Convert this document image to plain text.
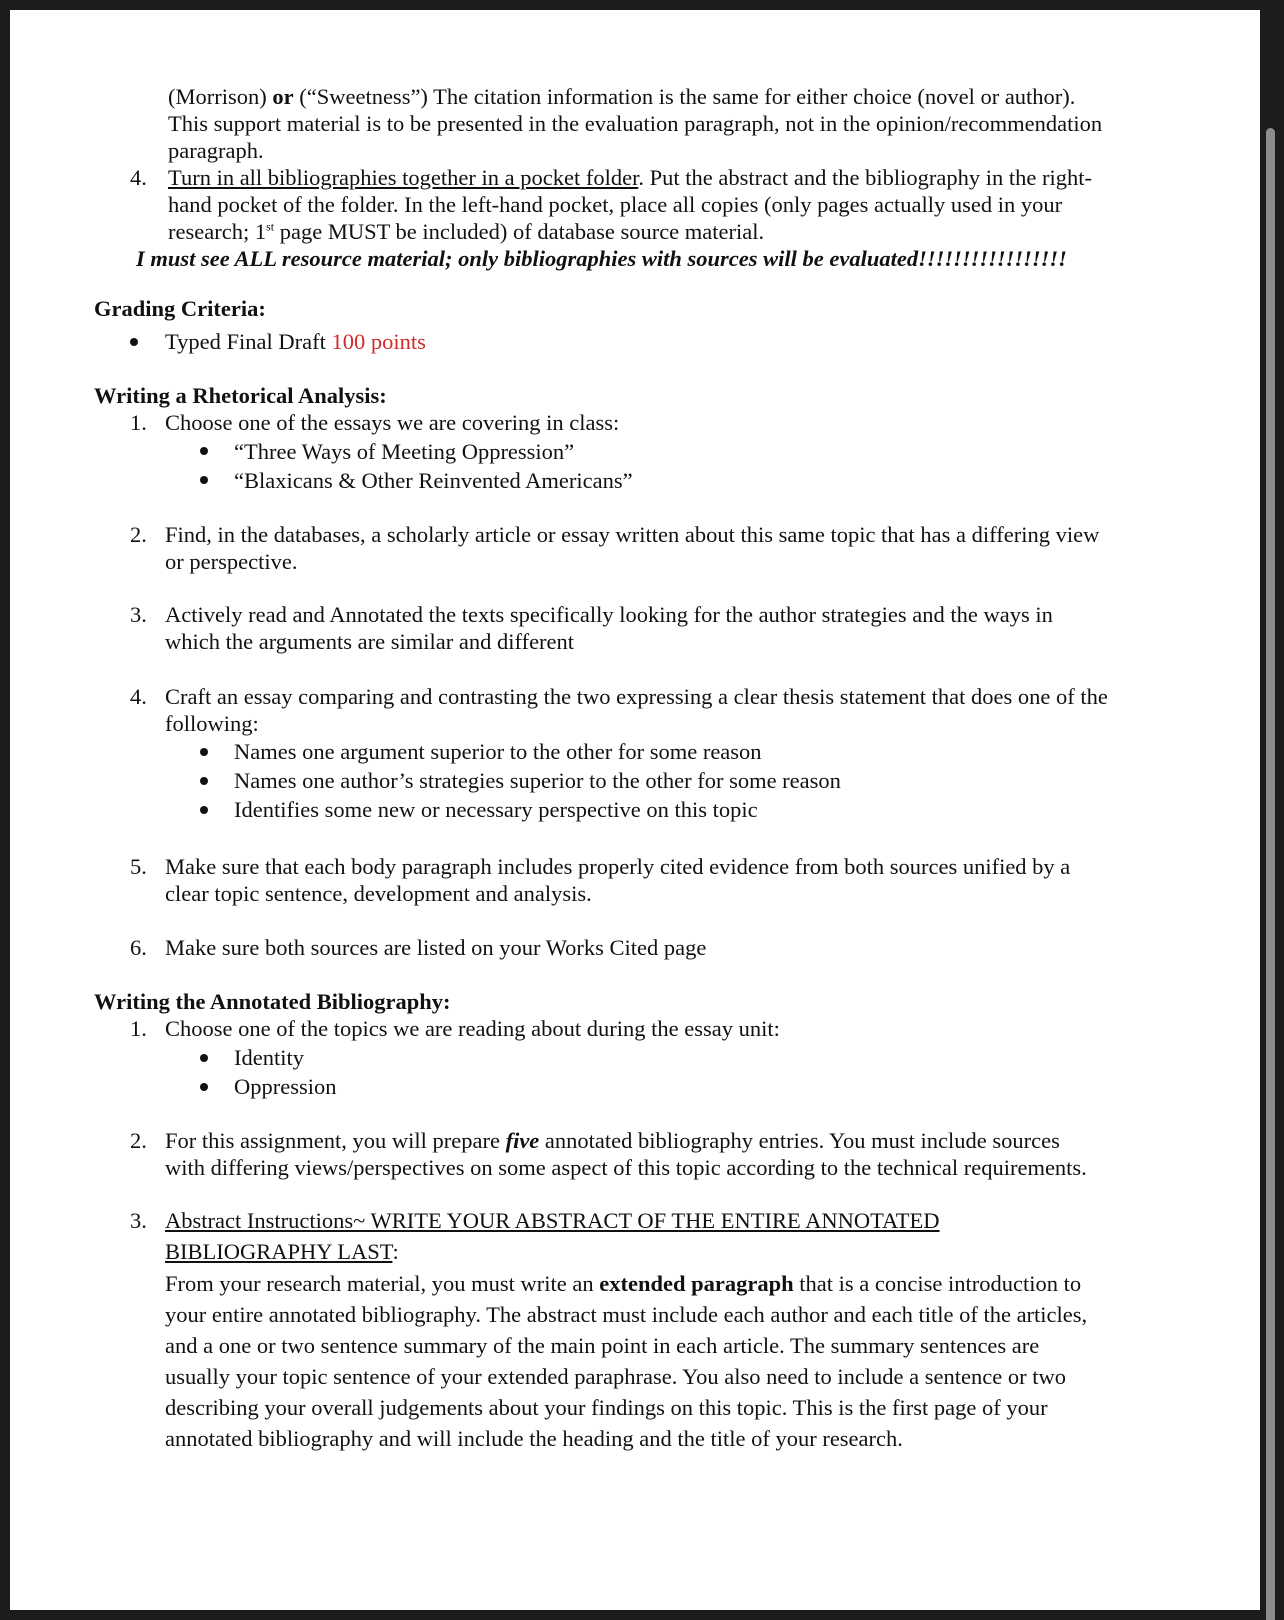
(Morrison) or (“Sweetness”) The citation information is the same for either choice (novel or author).
This support material is to be presented in the evaluation paragraph, not in the opinion/recommendation
paragraph.
4. Turn in all bibliographies together in a pocket folder. Put the abstract and the bibliography in the right-
hand pocket of the folder. In the left-hand pocket, place all copies (only pages actually used in your
research; 1st page MUST be included) of database source material.
I must see ALL resource material; only bibliographies with sources will be evaluated!!!!!!!!!!!!!!!!!
Grading Criteria:
Typed Final Draft 100 points
Writing a Rhetorical Analysis:
1. Choose one of the essays we are covering in class:
“Three Ways of Meeting Oppression”
“Blaxicans & Other Reinvented Americans”
2. Find, in the databases, a scholarly article or essay written about this same topic that has a differing view
or perspective.
3. Actively read and Annotated the texts specifically looking for the author strategies and the ways in
which the arguments are similar and different
4. Craft an essay comparing and contrasting the two expressing a clear thesis statement that does one of the
following:
Names one argument superior to the other for some reason
Names one author’s strategies superior to the other for some reason
Identifies some new or necessary perspective on this topic
5. Make sure that each body paragraph includes properly cited evidence from both sources unified by a
clear topic sentence, development and analysis.
6. Make sure both sources are listed on your Works Cited page
Writing the Annotated Bibliography:
1. Choose one of the topics we are reading about during the essay unit:
Identity
Oppression
2. For this assignment, you will prepare five annotated bibliography entries. You must include sources
with differing views/perspectives on some aspect of this topic according to the technical requirements.
3. Abstract Instructions~ WRITE YOUR ABSTRACT OF THE ENTIRE ANNOTATED
BIBLIOGRAPHY LAST:
From your research material, you must write an extended paragraph that is a concise introduction to
your entire annotated bibliography. The abstract must include each author and each title of the articles,
and a one or two sentence summary of the main point in each article. The summary sentences are
usually your topic sentence of your extended paraphrase. You also need to include a sentence or two
describing your overall judgements about your findings on this topic. This is the first page of your
annotated bibliography and will include the heading and the title of your research.
